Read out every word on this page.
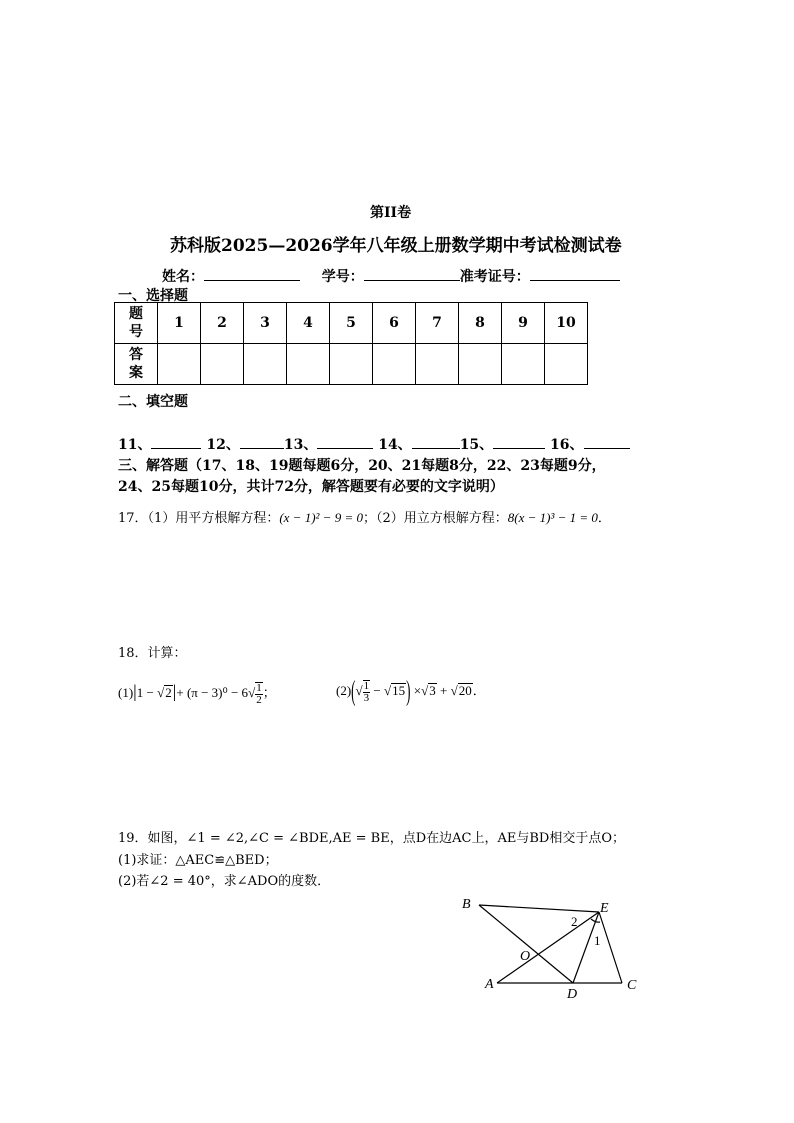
第II卷
苏科版2025—2026学年八年级上册数学期中考试检测试卷
姓名：	学号：	准考证号：
一、选择题
题
号	1	2	3	4	5	6	7	8	9	10
答
案										
二、填空题
11、	12、	13、	14、	15、	16、
三、解答题（17、18、19题每题6分，20、21每题8分，22、23每题9分，
24、25每题10分，共计72分，解答题要有必要的文字说明）
17．（1）用平方根解方程：(x − 1)² − 9 = 0；（2）用立方根解方程：8(x − 1)³ − 1 = 0．
18．计算：
$(1)|1 - √2|+ (\pi - 3)^0 - 6√ \frac{1}{2}$ ；	$(2)(√ \frac{1}{3} - √15) \times√3 + √20$．
19．如图，∠1 = ∠2,∠C = ∠BDE,AE = BE，点D在边AC上，AE与BD相交于点O；
(1)求证：△AEC≌△BED；
(2)若∠2 = 40°，求∠ADO的度数．
B	E
O
A
D
C
2
1
